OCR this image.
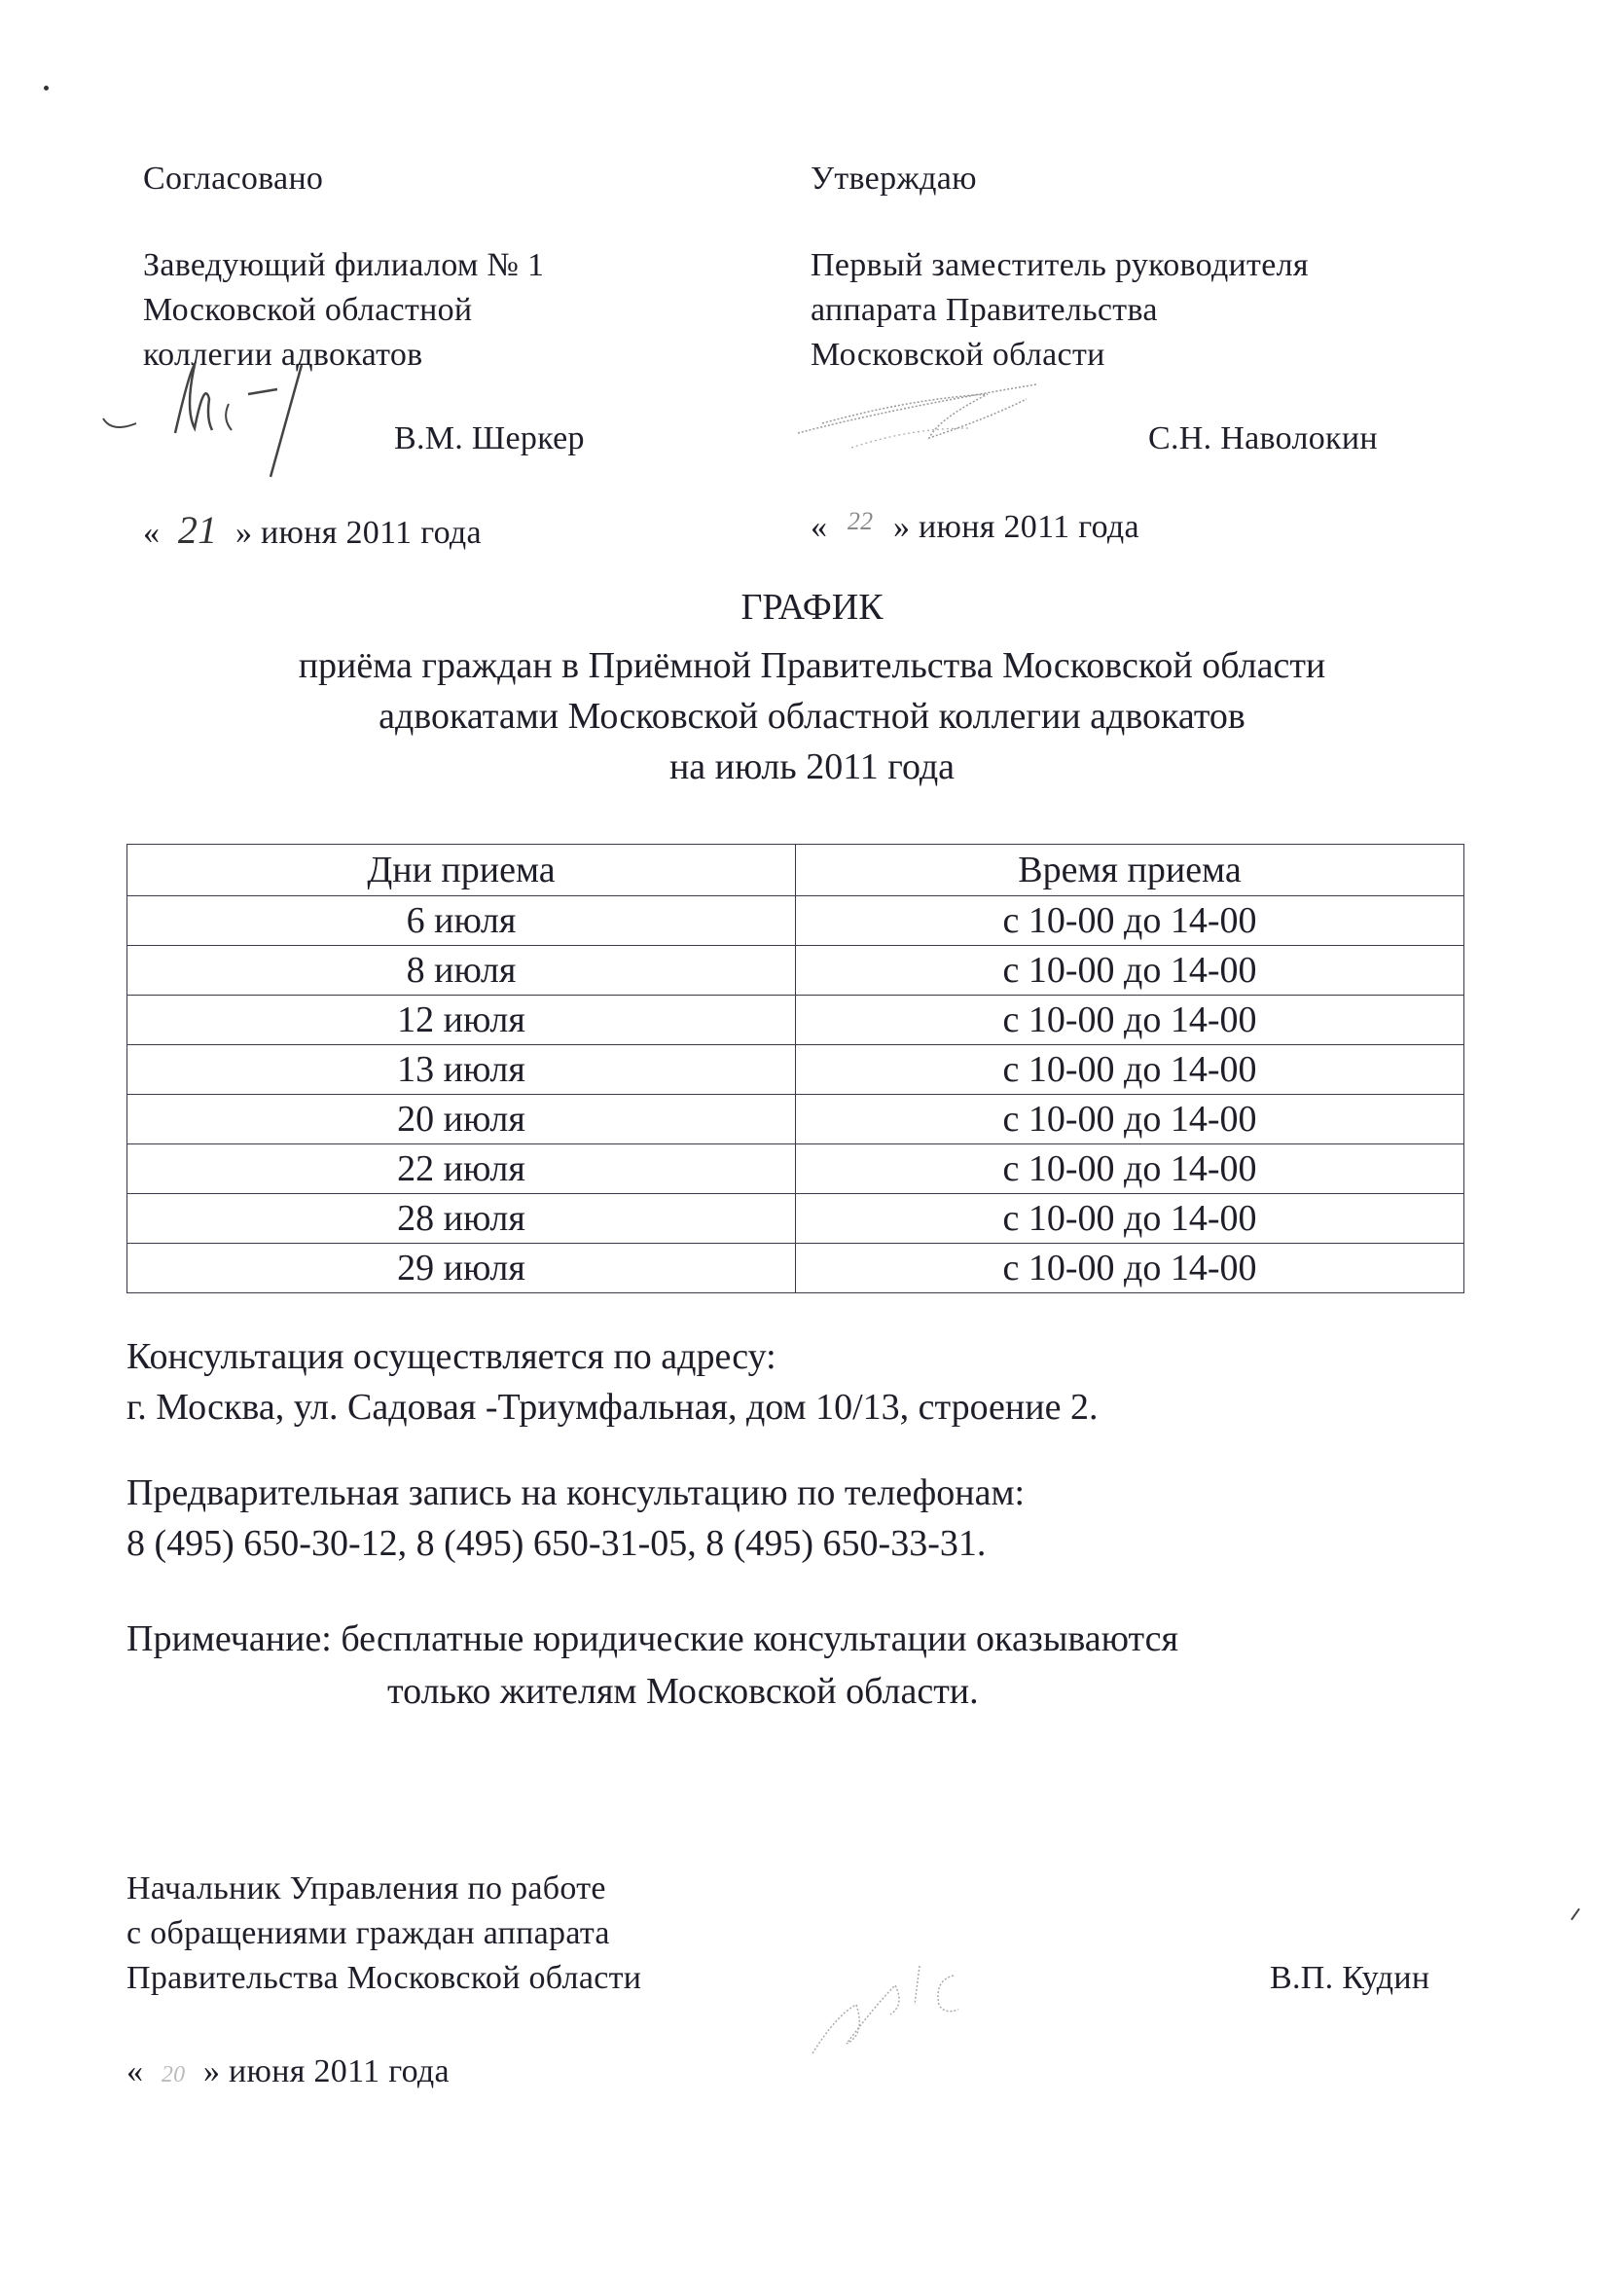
Согласовано
Заведующий филиалом № 1
Московской областной
коллегии адвокатов
В.М. Шеркер
« 21 » июня 2011 года
Утверждаю
Первый заместитель руководителя
аппарата Правительства
Московской области
С.Н. Наволокин
« 22 » июня 2011 года
ГРАФИК
приёма граждан в Приёмной Правительства Московской области
адвокатами Московской областной коллегии адвокатов
на июль 2011 года
Дни приема	Время приема
6 июля	с 10-00 до 14-00
8 июля	с 10-00 до 14-00
12 июля	с 10-00 до 14-00
13 июля	с 10-00 до 14-00
20 июля	с 10-00 до 14-00
22 июля	с 10-00 до 14-00
28 июля	с 10-00 до 14-00
29 июля	с 10-00 до 14-00
Консультация осуществляется по адресу:
г. Москва, ул. Садовая -Триумфальная, дом 10/13, строение 2.
Предварительная запись на консультацию по телефонам:
8 (495) 650-30-12, 8 (495) 650-31-05, 8 (495) 650-33-31.
Примечание: бесплатные юридические консультации оказываются
только жителям Московской области.
Начальник Управления по работе
с обращениями граждан аппарата
Правительства Московской области	В.П. Кудин
« 20 » июня 2011 года
